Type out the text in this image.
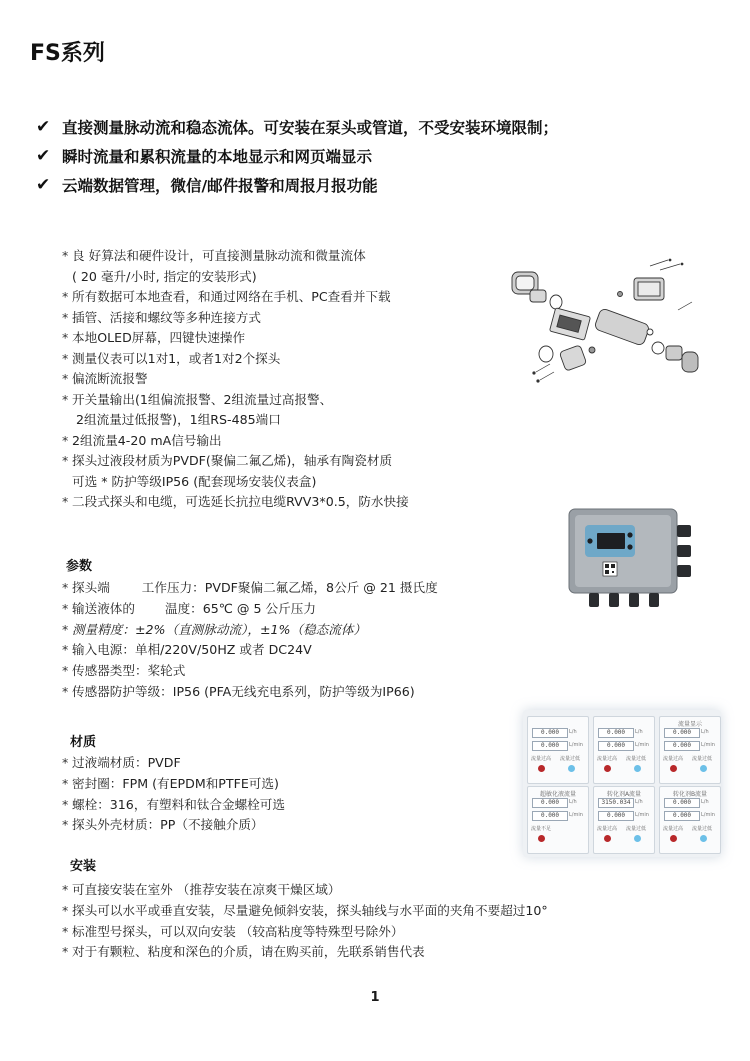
FS系列
✔ 直接测量脉动流和稳态流体。可安装在泵头或管道，不受安装环境限制；
✔ 瞬时流量和累积流量的本地显示和网页端显示
✔ 云端数据管理，微信/邮件报警和周报月报功能
* 良 好算法和硬件设计，可直接测量脉动流和微量流体
( 20 毫升/小时, 指定的安装形式)
* 所有数据可本地查看，和通过网络在手机、PC查看并下载
* 插管、活接和螺纹等多种连接方式
* 本地OLED屏幕，四键快速操作
* 测量仪表可以1对1，或者1对2个探头
* 偏流断流报警
* 开关量输出(1组偏流报警、2组流量过高报警、
2组流量过低报警)，1组RS-485端口
* 2组流量4-20 mA信号输出
* 探头过液段材质为PVDF(聚偏二氟乙烯)，轴承有陶瓷材质
可选 * 防护等级IP56 (配套现场安装仪表盒)
* 二段式探头和电缆，可选延长抗拉电缆RVV3*0.5，防水快接
参数
* 探头端	工作压力：PVDF聚偏二氟乙烯，8公斤 @ 21 摄氏度
* 输送液体的 温度：65℃ @ 5 公斤压力
* 测量精度：±2%（直测脉动流），±1%（稳态流体）
* 输入电源：单相/220V/50HZ 或者 DC24V
* 传感器类型：桨轮式
* 传感器防护等级：IP56 (PFA无线充电系列，防护等级为IP66)
材质
* 过液端材质：PVDF
* 密封圈：FPM (有EPDM和PTFE可选)
* 螺栓：316，有塑料和钛合金螺栓可选
* 探头外壳材质：PP（不接触介质）
0.000	L/h
0.000	L/min
流量过高 流量过低
0.000	L/h
0.000	L/min
流量过高 流量过低
流量显示
0.000	L/h
0.000	L/min
流量过高 流量过低
超敏化液流量
0.000	L/h
0.000	L/min
流量不足
转化剂A流量
3150.034 L/h
0.000	L/min
流量过高 流量过低
转化剂B流量
0.000	L/h
0.000	L/min
流量过高 流量过低
安装
* 可直接安装在室外 （推荐安装在凉爽干燥区域）
* 探头可以水平或垂直安装，尽量避免倾斜安装，探头轴线与水平面的夹角不要超过10°
* 标准型号探头，可以双向安装 （较高粘度等特殊型号除外）
* 对于有颗粒、粘度和深色的介质，请在购买前，先联系销售代表
1
